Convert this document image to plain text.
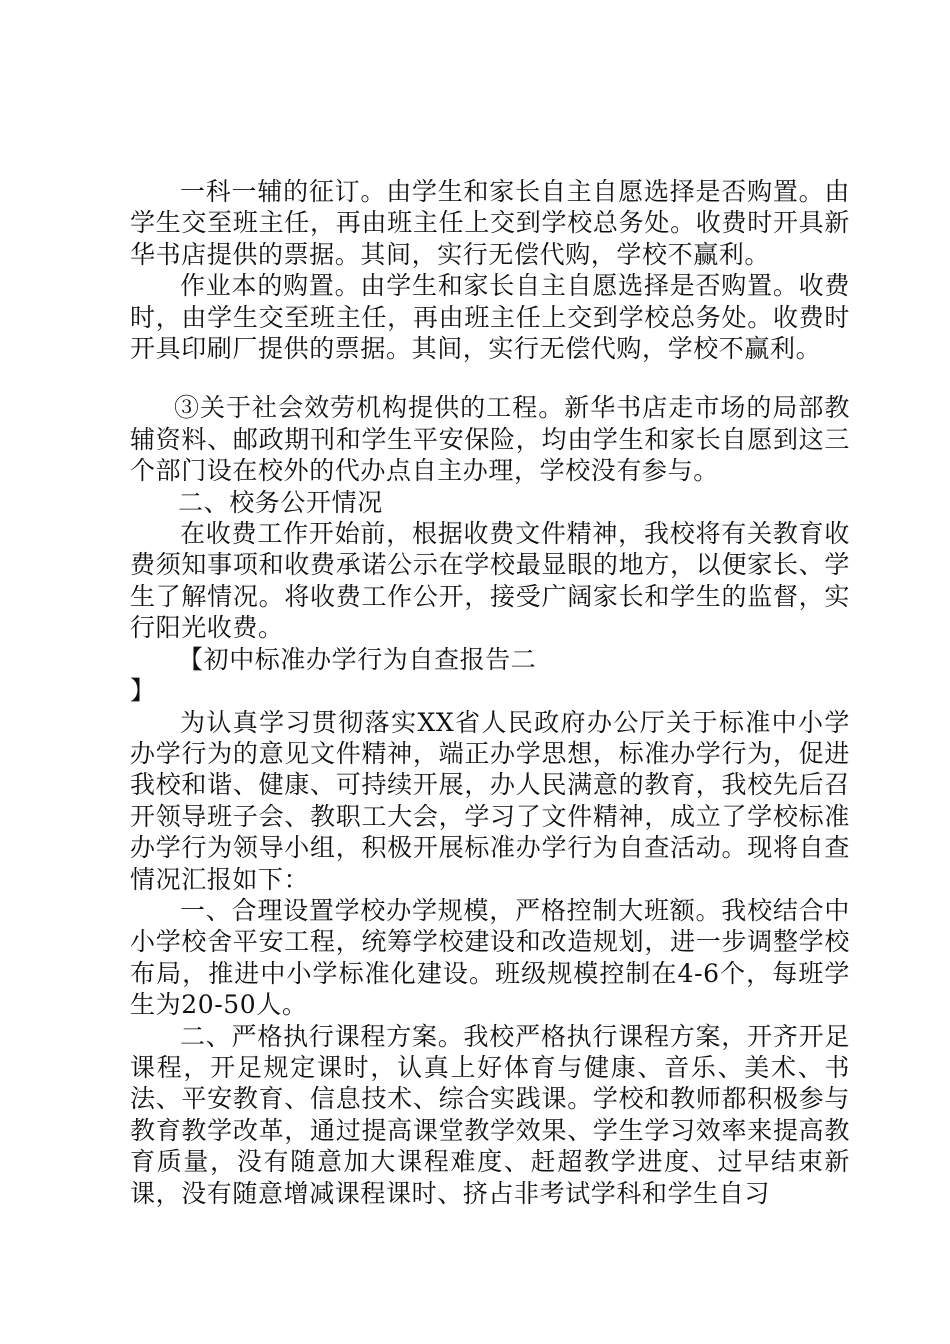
一科一辅的征订。由学生和家长自主自愿选择是否购置。由学生交至班主任，再由班主任上交到学校总务处。收费时开具新华书店提供的票据。其间，实行无偿代购，学校不赢利。

作业本的购置。由学生和家长自主自愿选择是否购置。收费时，由学生交至班主任，再由班主任上交到学校总务处。收费时开具印刷厂提供的票据。其间，实行无偿代购，学校不赢利。

③关于社会效劳机构提供的工程。新华书店走市场的局部教辅资料、邮政期刊和学生平安保险，均由学生和家长自愿到这三个部门设在校外的代办点自主办理，学校没有参与。

二、校务公开情况

在收费工作开始前，根据收费文件精神，我校将有关教育收费须知事项和收费承诺公示在学校最显眼的地方，以便家长、学生了解情况。将收费工作公开，接受广阔家长和学生的监督，实行阳光收费。

【初中标准办学行为自查报告二

】

为认真学习贯彻落实XX省人民政府办公厅关于标准中小学办学行为的意见文件精神，端正办学思想，标准办学行为，促进我校和谐、健康、可持续开展，办人民满意的教育，我校先后召开领导班子会、教职工大会，学习了文件精神，成立了学校标准办学行为领导小组，积极开展标准办学行为自查活动。现将自查情况汇报如下：

一、合理设置学校办学规模，严格控制大班额。我校结合中小学校舍平安工程，统筹学校建设和改造规划，进一步调整学校布局，推进中小学标准化建设。班级规模控制在4-6个，每班学生为20-50人。

二、严格执行课程方案。我校严格执行课程方案，开齐开足课程，开足规定课时，认真上好体育与健康、音乐、美术、书法、平安教育、信息技术、综合实践课。学校和教师都积极参与教育教学改革，通过提高课堂教学效果、学生学习效率来提高教育质量，没有随意加大课程难度、赶超教学进度、过早结束新课，没有随意增减课程课时、挤占非考试学科和学生自习
